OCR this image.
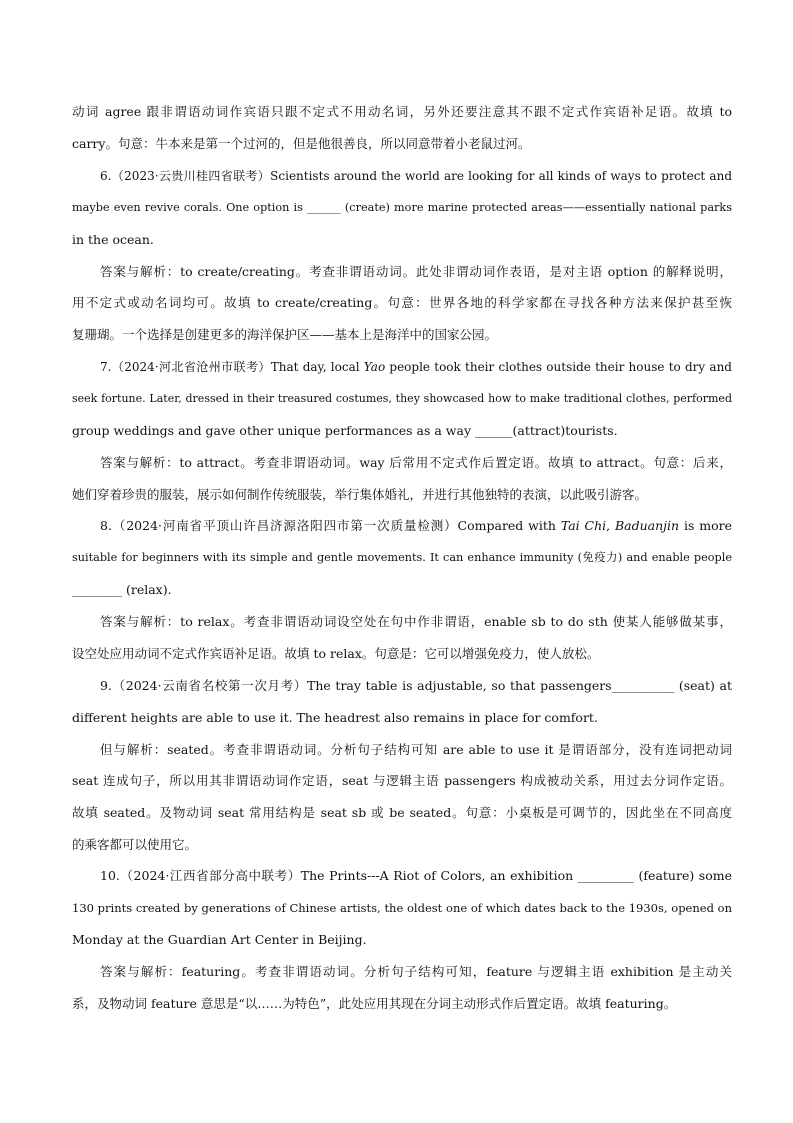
动词 agree 跟非谓语动词作宾语只跟不定式不用动名词，另外还要注意其不跟不定式作宾语补足语。故填 to
carry。句意：牛本来是第一个过河的，但是他很善良，所以同意带着小老鼠过河。
6.（2023·云贵川桂四省联考）Scientists around the world are looking for all kinds of ways to protect and
maybe even revive corals. One option is ______ (create) more marine protected areas——essentially national parks
in the ocean.
答案与解析：to create/creating。考查非谓语动词。此处非谓动词作表语，是对主语 option 的解释说明，
用不定式或动名词均可。故填 to create/creating。句意：世界各地的科学家都在寻找各种方法来保护甚至恢
复珊瑚。一个选择是创建更多的海洋保护区——基本上是海洋中的国家公园。
7.（2024·河北省沧州市联考）That day, local Yao people took their clothes outside their house to dry and
seek fortune. Later, dressed in their treasured costumes, they showcased how to make traditional clothes, performed
group weddings and gave other unique performances as a way ______(attract)tourists.
答案与解析：to attract。考查非谓语动词。way 后常用不定式作后置定语。故填 to attract。句意：后来，
她们穿着珍贵的服装，展示如何制作传统服装，举行集体婚礼，并进行其他独特的表演，以此吸引游客。
8.（2024·河南省平顶山许昌济源洛阳四市第一次质量检测）Compared with Tai Chi, Baduanjin is more
suitable for beginners with its simple and gentle movements. It can enhance immunity (免疫力) and enable people
________ (relax).
答案与解析：to relax。考查非谓语动词设空处在句中作非谓语，enable sb to do sth 使某人能够做某事，
设空处应用动词不定式作宾语补足语。故填 to relax。句意是：它可以增强免疫力，使人放松。
9.（2024·云南省名校第一次月考）The tray table is adjustable, so that passengers__________ (seat) at
different heights are able to use it. The headrest also remains in place for comfort.
但与解析：seated。考查非谓语动词。分析句子结构可知 are able to use it 是谓语部分，没有连词把动词
seat 连成句子，所以用其非谓语动词作定语，seat 与逻辑主语 passengers 构成被动关系，用过去分词作定语。
故填 seated。及物动词 seat 常用结构是 seat sb 或 be seated。句意：小桌板是可调节的，因此坐在不同高度
的乘客都可以使用它。
10.（2024·江西省部分高中联考）The Prints---A Riot of Colors, an exhibition _________ (feature) some
130 prints created by generations of Chinese artists, the oldest one of which dates back to the 1930s, opened on
Monday at the Guardian Art Center in Beijing.
答案与解析：featuring。考查非谓语动词。分析句子结构可知，feature 与逻辑主语 exhibition 是主动关
系，及物动词 feature 意思是“以……为特色”，此处应用其现在分词主动形式作后置定语。故填 featuring。
